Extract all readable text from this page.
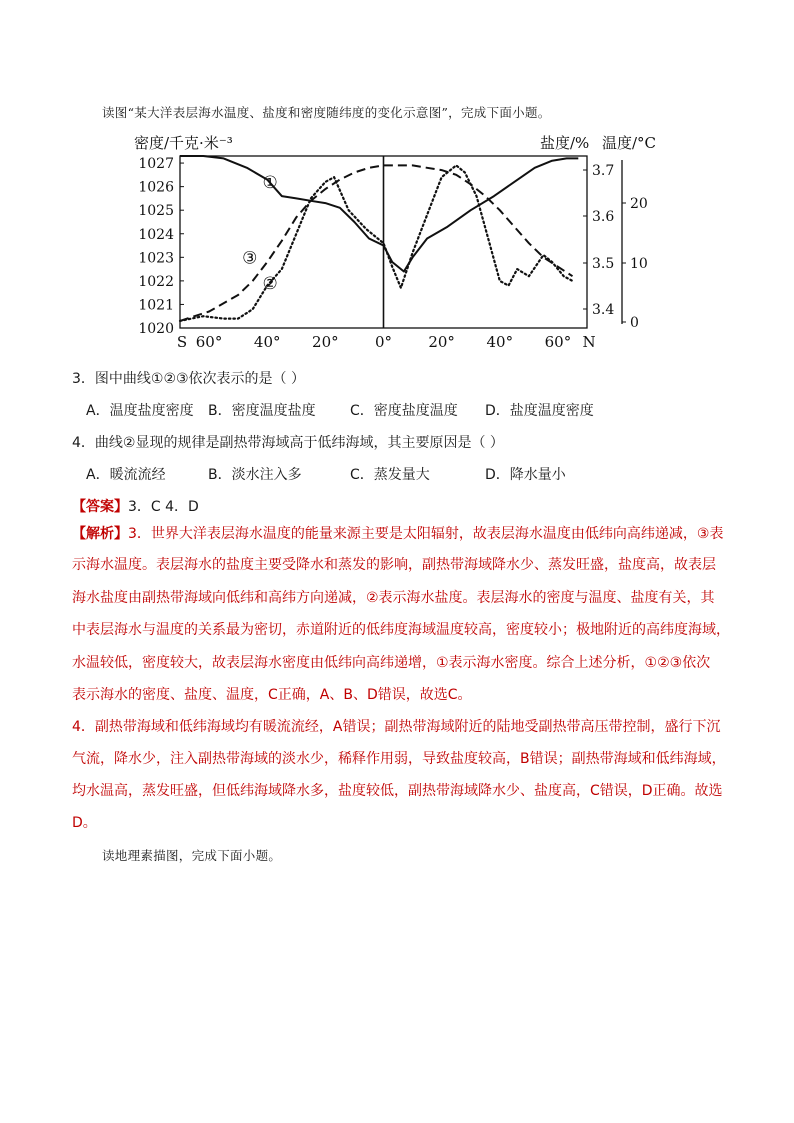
读图“某大洋表层海水温度、盐度和密度随纬度的变化示意图”，完成下面小题。
密度/千克·米⁻³	盐度/% 温度/°C
1027
1026
1025
1024
1023
1022
1021
1020
3.7
3.6
3.5
3.4
20
10
0
S 60° 40° 20° 0° 20° 40° 60° N
①
②
③
3．图中曲线①②③依次表示的是（ ）
A．温度盐度密度 B．密度温度盐度 C．密度盐度温度 D．盐度温度密度
4．曲线②显现的规律是副热带海域高于低纬海域，其主要原因是（ ）
A．暖流流经	B．淡水注入多	C．蒸发量大	D．降水量小
【答案】3．C 4．D
【解析】3．世界大洋表层海水温度的能量来源主要是太阳辐射，故表层海水温度由低纬向高纬递减，③表
示海水温度。表层海水的盐度主要受降水和蒸发的影响，副热带海域降水少、蒸发旺盛，盐度高，故表层
海水盐度由副热带海域向低纬和高纬方向递减，②表示海水盐度。表层海水的密度与温度、盐度有关，其
中表层海水与温度的关系最为密切，赤道附近的低纬度海域温度较高，密度较小；极地附近的高纬度海域，
水温较低，密度较大，故表层海水密度由低纬向高纬递增，①表示海水密度。综合上述分析，①②③依次
表示海水的密度、盐度、温度，C正确，A、B、D错误，故选C。
4．副热带海域和低纬海域均有暖流流经，A错误；副热带海域附近的陆地受副热带高压带控制，盛行下沉
气流，降水少，注入副热带海域的淡水少，稀释作用弱，导致盐度较高，B错误；副热带海域和低纬海域，
均水温高，蒸发旺盛，但低纬海域降水多，盐度较低，副热带海域降水少、盐度高，C错误，D正确。故选
D。
读地理素描图，完成下面小题。
